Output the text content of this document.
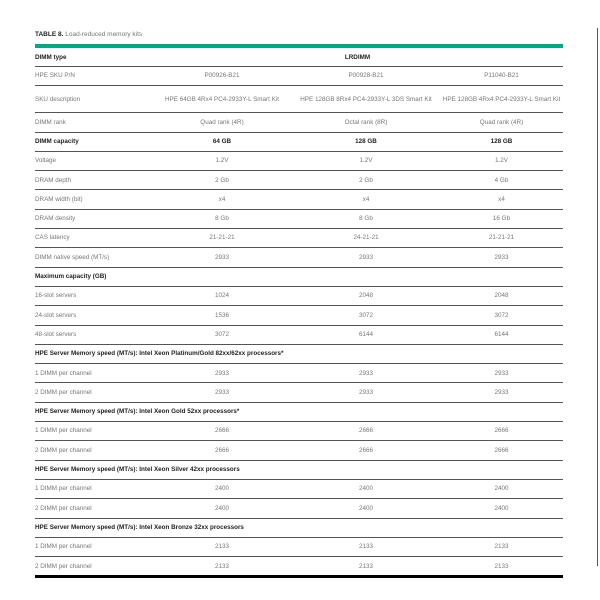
TABLE 8. Load-reduced memory kits
DIMM type	LRDIMM		
HPE SKU P/N	P00926-B21	P00928-B21	P11040-B21
SKU description	HPE 64GB 4Rx4 PC4-2933Y-L Smart Kit	HPE 128GB 8Rx4 PC4-2933Y-L 3DS Smart Kit	HPE 128GB 4Rx4 PC4-2933Y-L Smart Kit
DIMM rank	Quad rank (4R)	Octal rank (8R)	Quad rank (4R)
DIMM capacity	64 GB	128 GB	128 GB
Voltage	1.2V	1.2V	1.2V
DRAM depth	2 Gb	2 Gb	4 Gb
DRAM width (bit)	x4	x4	x4
DRAM density	8 Gb	8 Gb	16 Gb
CAS latency	21-21-21	24-21-21	21-21-21
DIMM native speed (MT/s)	2933	2933	2933
Maximum capacity (GB)			
16-slot servers	1024	2048	2048
24-slot servers	1536	3072	3072
48-slot servers	3072	6144	6144
HPE Server Memory speed (MT/s): Intel Xeon Platinum/Gold 82xx/62xx processors*			
1 DIMM per channel	2933	2933	2933
2 DIMM per channel	2933	2933	2933
HPE Server Memory speed (MT/s): Intel Xeon Gold 52xx processors*			
1 DIMM per channel	2666	2666	2666
2 DIMM per channel	2666	2666	2666
HPE Server Memory speed (MT/s): Intel Xeon Silver 42xx processors			
1 DIMM per channel	2400	2400	2400
2 DIMM per channel	2400	2400	2400
HPE Server Memory speed (MT/s): Intel Xeon Bronze 32xx processors			
1 DIMM per channel	2133	2133	2133
2 DIMM per channel	2133	2133	2133
